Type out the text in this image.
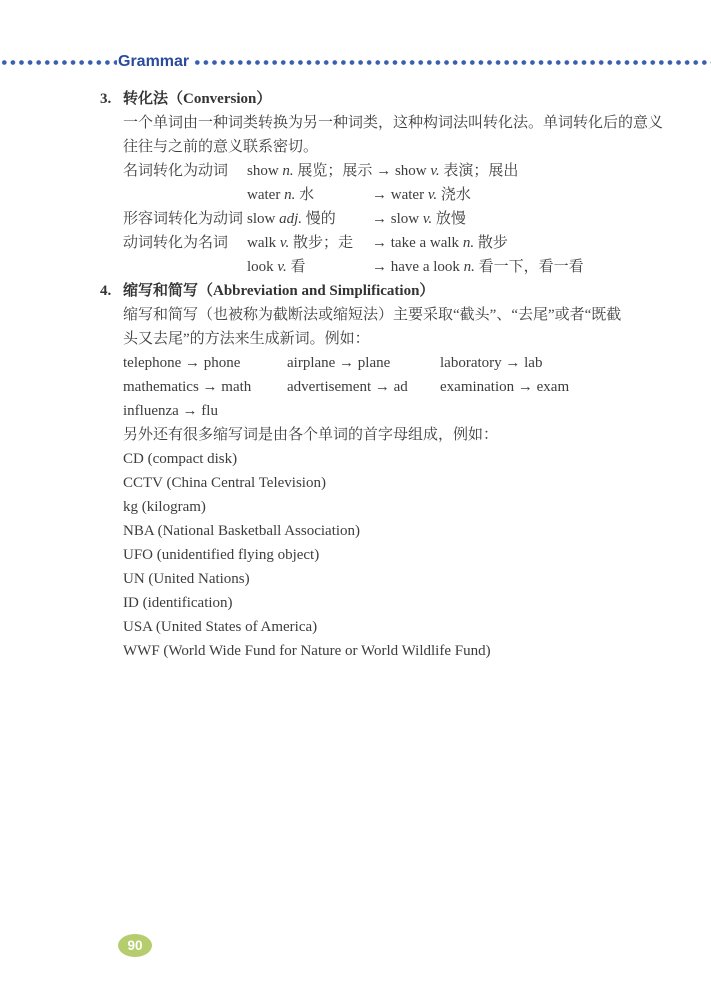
Grammar
3. 转化法（Conversion）
一个单词由一种词类转换为另一种词类，这种构词法叫转化法。单词转化后的意义
往往与之前的意义联系密切。
名词转化为动词	show n. 展览；展示 → show v. 表演；展出
water n. 水	→ water v. 浇水
形容词转化为动词 slow adj. 慢的 → slow v. 放慢
动词转化为名词	walk v. 散步；走 → take a walk n. 散步
look v. 看	→ have a look n. 看一下，看一看
4. 缩写和简写（Abbreviation and Simplification）
缩写和简写（也被称为截断法或缩短法）主要采取“截头”、“去尾”或者“既截
头又去尾”的方法来生成新词。例如：
telephone → phone	airplane → plane	laboratory → lab
mathematics → math	advertisement → ad	examination → exam
influenza → flu
另外还有很多缩写词是由各个单词的首字母组成，例如：
CD (compact disk)
CCTV (China Central Television)
kg (kilogram)
NBA (National Basketball Association)
UFO (unidentified flying object)
UN (United Nations)
ID (identification)
USA (United States of America)
WWF (World Wide Fund for Nature or World Wildlife Fund)
90
